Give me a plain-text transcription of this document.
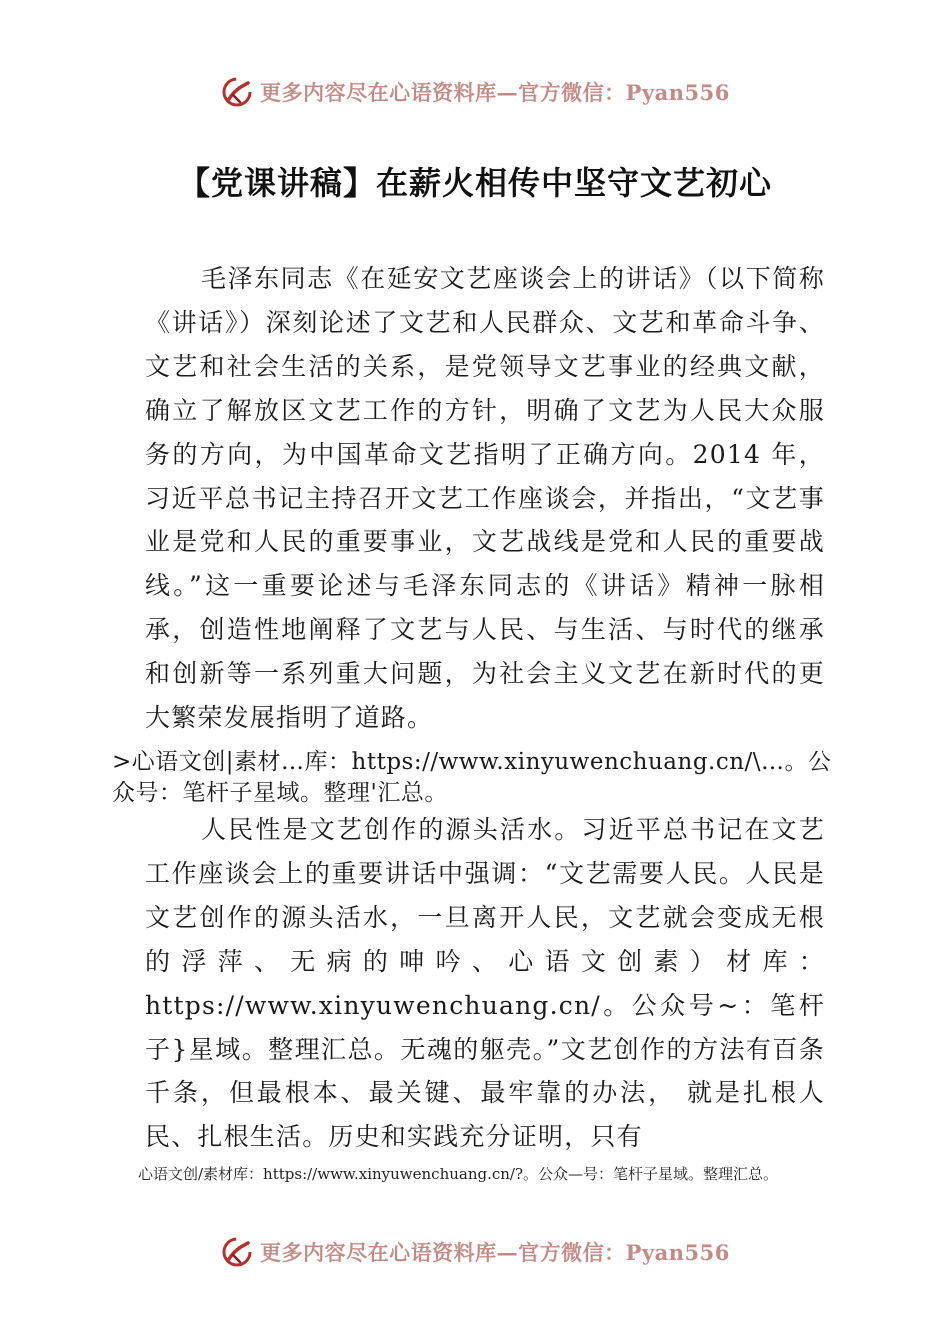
更多内容尽在心语资料库—官方微信：Pyan556
【党课讲稿】在薪火相传中坚守文艺初心

毛泽东同志《在延安文艺座谈会上的讲话》（以下简称《讲话》）深刻论述了文艺和人民群众、文艺和革命斗争、文艺和社会生活的关系，是党领导文艺事业的经典文献，确立了解放区文艺工作的方针，明确了文艺为人民大众服务的方向，为中国革命文艺指明了正确方向。2014 年，习近平总书记主持召开文艺工作座谈会，并指出，“文艺事业是党和人民的重要事业，文艺战线是党和人民的重要战线。”这一重要论述与毛泽东同志的《讲话》精神一脉相承，创造性地阐释了文艺与人民、与生活、与时代的继承和创新等一系列重大问题，为社会主义文艺在新时代的更大繁荣发展指明了道路。

>心语文创|素材…库：https://www.xinyuwenchuang.cn/\…。公众号：笔杆子星域。整理'汇总。

人民性是文艺创作的源头活水。习近平总书记在文艺工作座谈会上的重要讲话中强调：“文艺需要人民。人民是文艺创作的源头活水，一旦离开人民，文艺就会变成无根的浮萍、无病的呻吟、心语文创素）材库：https://www.xinyuwenchuang.cn/。公众号~：笔杆子}星域。整理汇总。无魂的躯壳。”文艺创作的方法有百条千条，但最根本、最关键、最牢靠的办法， 就是扎根人民、扎根生活。历史和实践充分证明，只有

心语文创/素材库：https://www.xinyuwenchuang.cn/?。公众—号：笔杆子星域。整理汇总。

更多内容尽在心语资料库—官方微信：Pyan556
